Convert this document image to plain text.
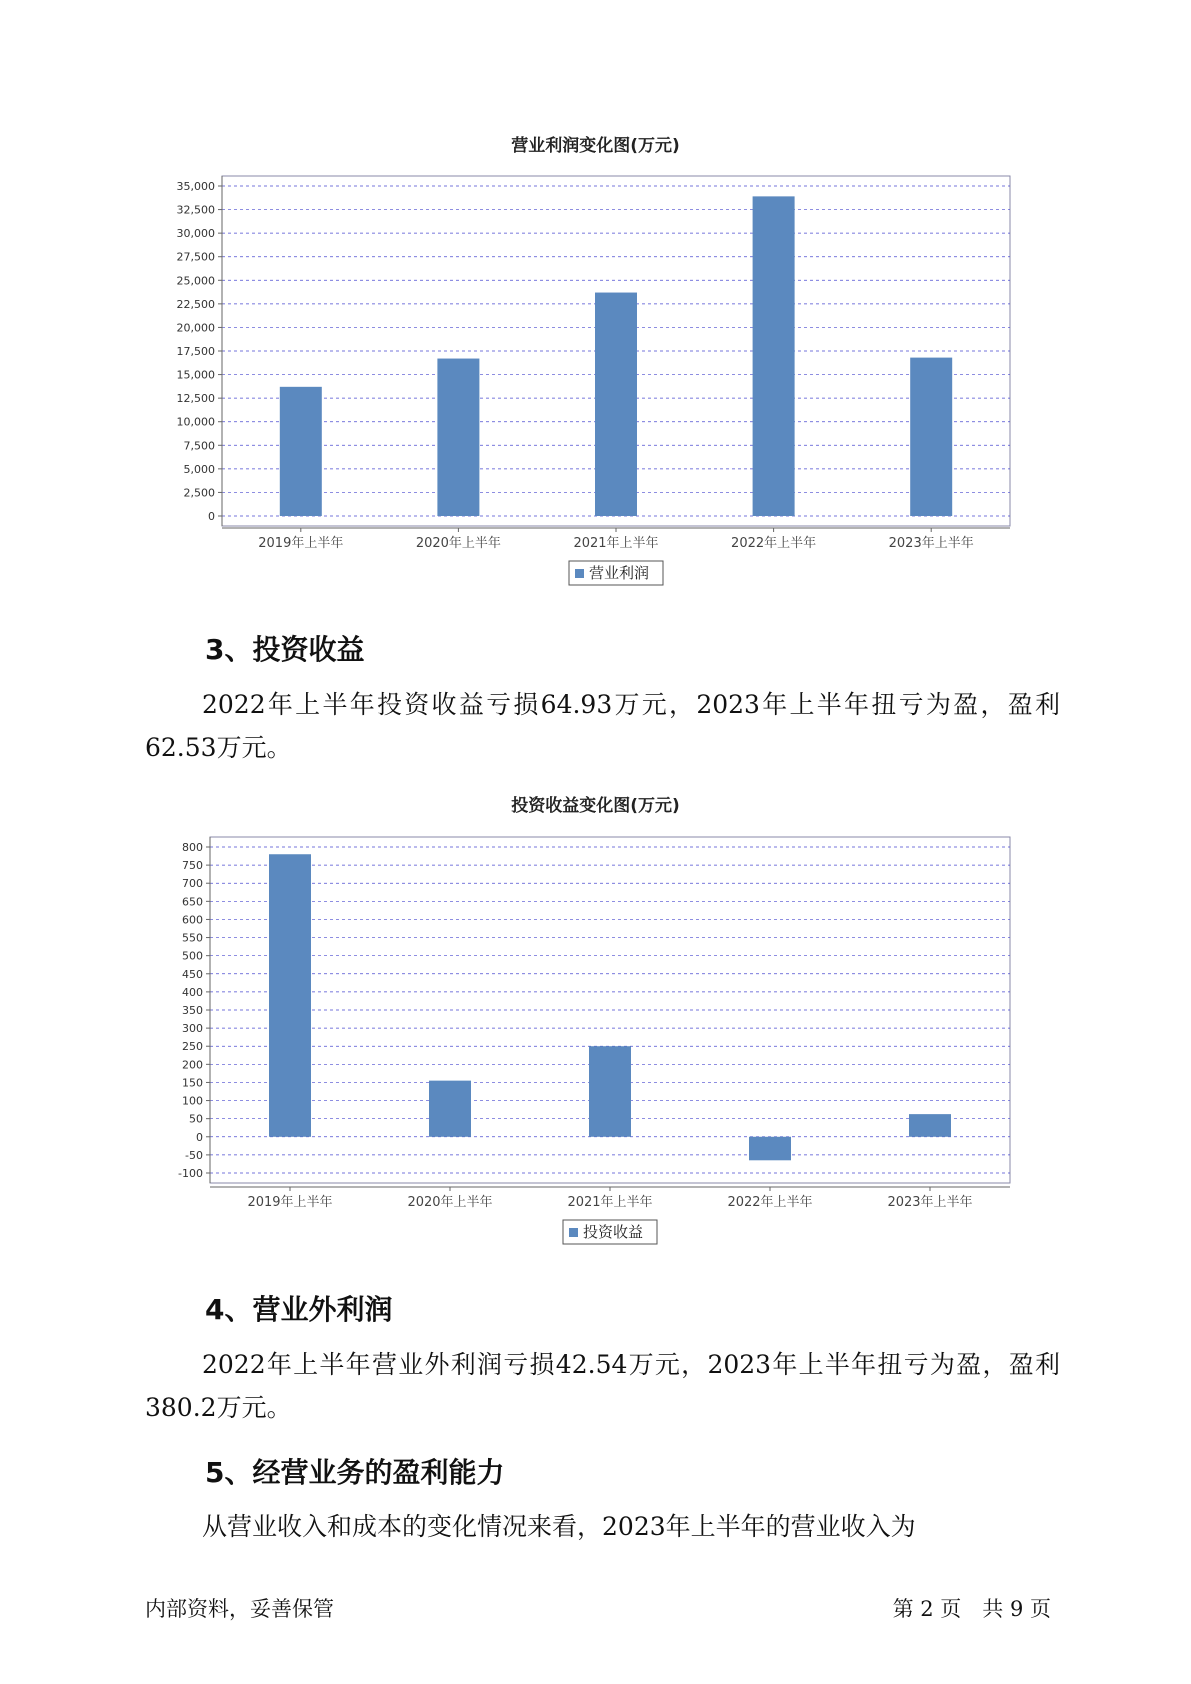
营业利润变化图(万元)
0
2,500
5,000
7,500
10,000
12,500
15,000
17,500
20,000
22,500
25,000
27,500
30,000
32,500
35,000
2019年上半年	2020年上半年	2021年上半年	2022年上半年	2023年上半年
营业利润
3、投资收益

2022年上半年投资收益亏损64.93万元，2023年上半年扭亏为盈，盈利62.53万元。

投资收益变化图(万元)
-100
-50
0
50
100
150
200
250
300
350
400
450
500
550
600
650
700
750
800
2019年上半年	2020年上半年	2021年上半年	2022年上半年	2023年上半年
投资收益
4、营业外利润

2022年上半年营业外利润亏损42.54万元，2023年上半年扭亏为盈，盈利380.2万元。

5、经营业务的盈利能力

从营业收入和成本的变化情况来看，2023年上半年的营业收入为

内部资料，妥善保管	第 2 页　共 9 页
